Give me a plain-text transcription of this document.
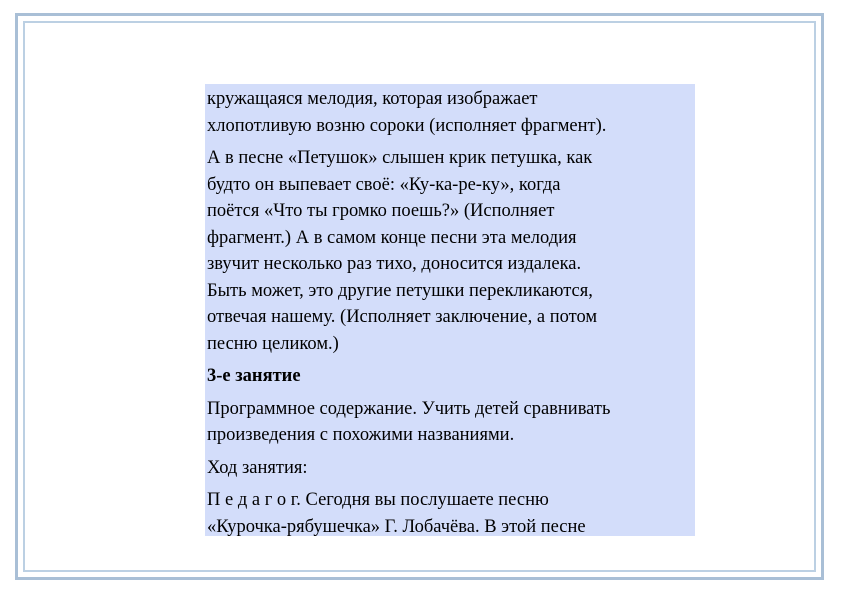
кружащаяся мелодия, которая изображает
хлопотливую возню сороки (исполняет фрагмент).
А в песне «Петушок» слышен крик петушка, как
будто он выпевает своё: «Ку-ка-ре-ку», когда
поётся «Что ты громко поешь?» (Исполняет
фрагмент.) А в самом конце песни эта мелодия
звучит несколько раз тихо, доносится издалека.
Быть может, это другие петушки перекликаются,
отвечая нашему. (Исполняет заключение, а потом
песню целиком.)
3-е занятие
Программное содержание. Учить детей сравнивать
произведения с похожими названиями.
Ход занятия:
П е д а г о г. Сегодня вы послушаете песню
«Курочка-рябушечка» Г. Лобачёва. В этой песне
